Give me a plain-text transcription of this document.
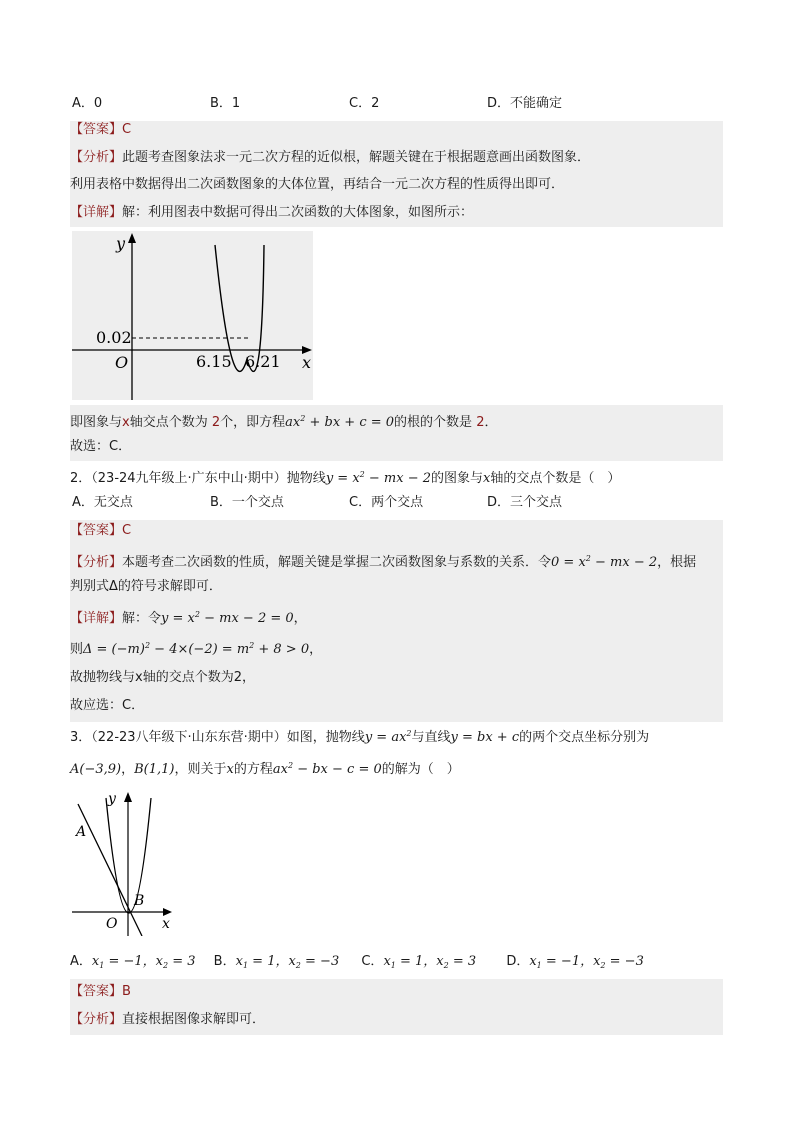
A．0	B．1	C．2	D．不能确定
【答案】C
【分析】此题考查图象法求一元二次方程的近似根，解题关键在于根据题意画出函数图象．
利用表格中数据得出二次函数图象的大体位置，再结合一元二次方程的性质得出即可．
【详解】解：利用图表中数据可得出二次函数的大体图象，如图所示：
y
x
O
0.02
6.15 6.21
即图象与x轴交点个数为 2个，即方程$ax^2$ + bx + c = 0的根的个数是 2．
故选：C．
2．（23-24九年级上·广东中山·期中）抛物线$y = x^2$ − mx − 2的图象与x轴的交点个数是（　）
A．无交点	B．一个交点	C．两个交点	D．三个交点
【答案】C
【分析】本题考查二次函数的性质，解题关键是掌握二次函数图象与系数的关系．令$0 = x^2$ − mx − 2，根据
判别式Δ的符号求解即可．
【详解】解：令$y = x^2$ − mx − 2 = 0，
则$\Delta = (-m)^2 - 4\times(-2) = m^2 + 8 > 0$，
故抛物线与x轴的交点个数为2，
故应选：C．
3．（22-23八年级下·山东东营·期中）如图，抛物线$y = ax^2$与直线y = bx + c的两个交点坐标分别为
A(−3,9)，B(1,1)，则关于x的方程$ax^2$ − bx − c = 0的解为（　）
y
x
O
A
B
A．$x_1 = -1$，$x_2 = 3$ B．$x_1 = 1$，$x_2 = -3$ C．$x_1 = 1$，$x_2 = 3$ D．$x_1 = -1$，$x_2 = -3$
【答案】B
【分析】直接根据图像求解即可．
